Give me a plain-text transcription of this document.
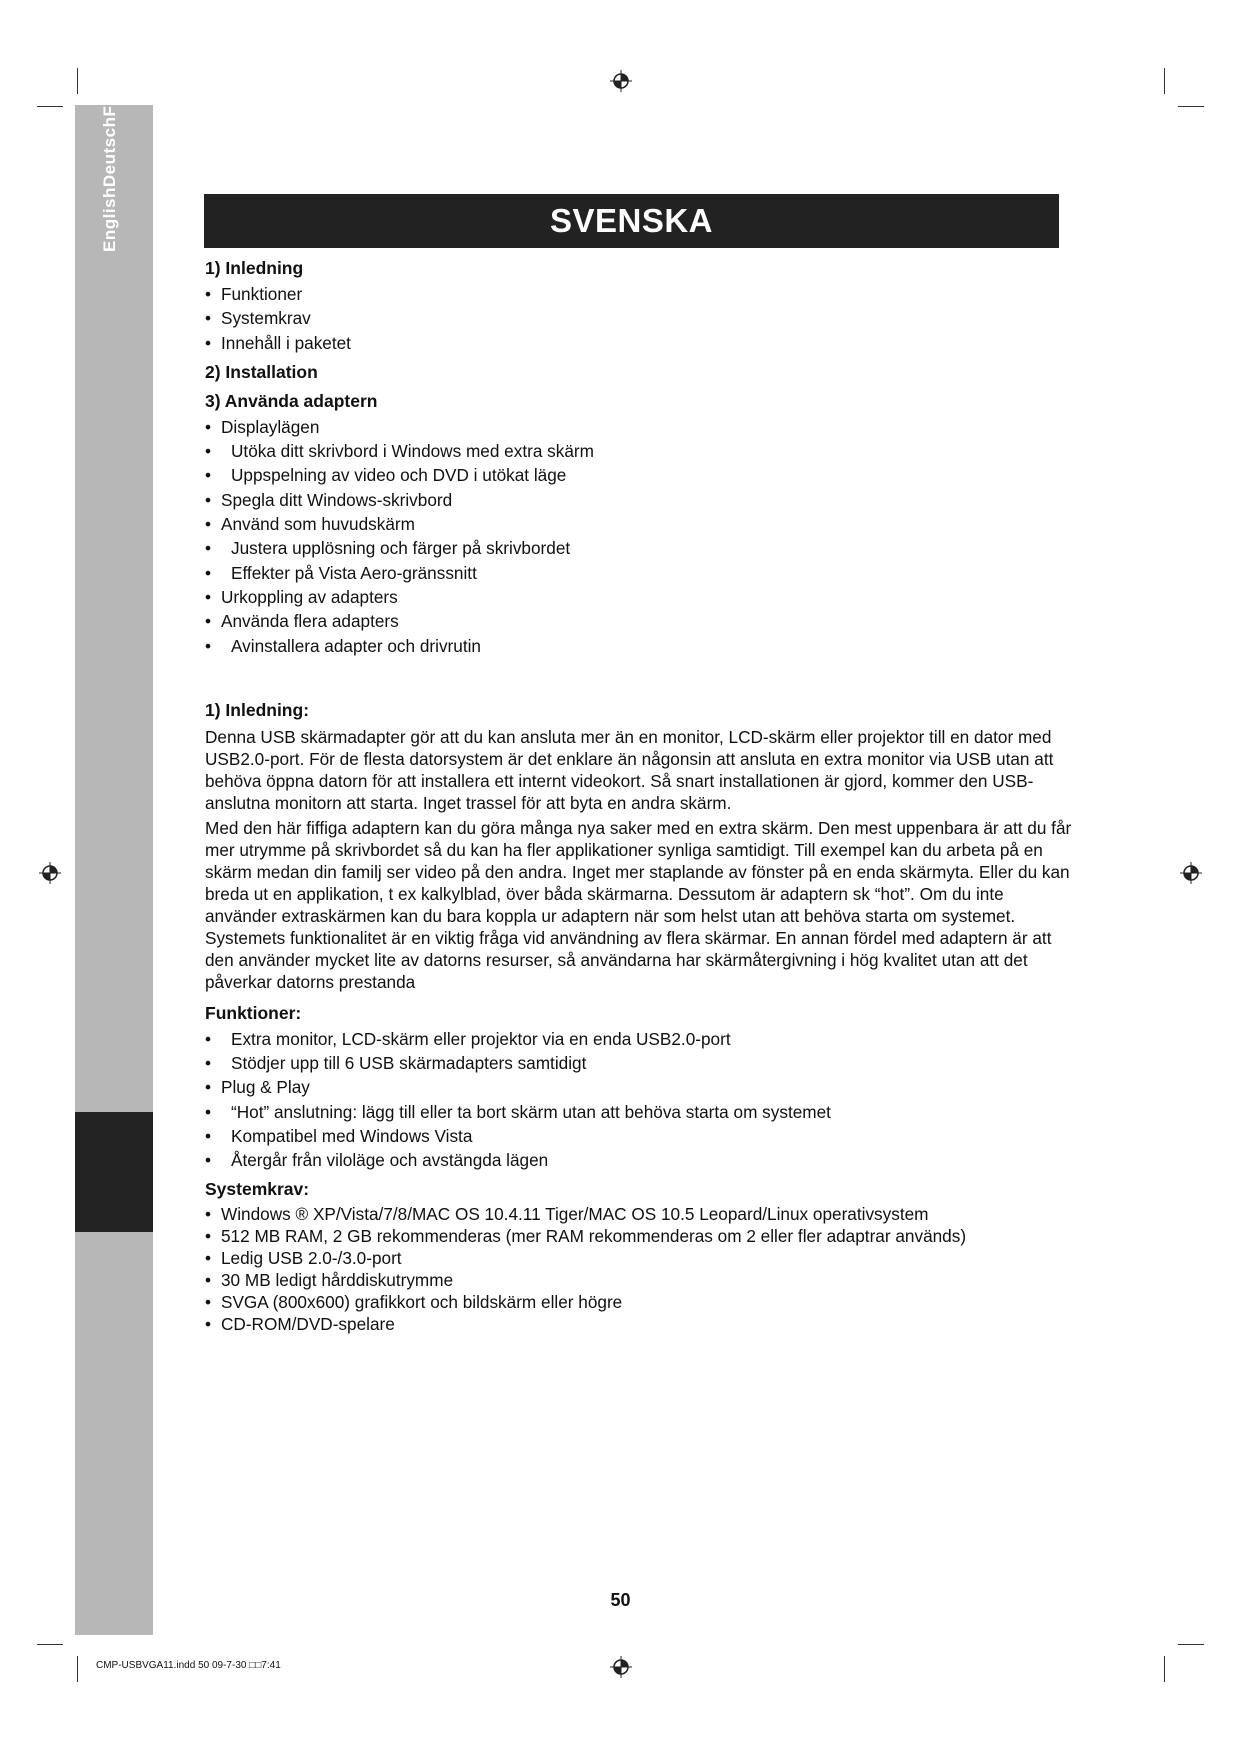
EnglishDeutschF	SVENSKA
1) Inledning
• Funktioner
• Systemkrav
• Innehåll i paketet
2) Installation
3) Använda adaptern
• Displaylägen
• Utöka ditt skrivbord i Windows med extra skärm
• Uppspelning av video och DVD i utökat läge
• Spegla ditt Windows-skrivbord
• Använd som huvudskärm
• Justera upplösning och färger på skrivbordet
• Effekter på Vista Aero-gränssnitt
• Urkoppling av adapters
• Använda flera adapters
• Avinstallera adapter och drivrutin
1) Inledning:

Denna USB skärmadapter gör att du kan ansluta mer än en monitor, LCD-skärm eller projektor till en dator med USB2.0-port. För de flesta datorsystem är det enklare än någonsin att ansluta en extra monitor via USB utan att behöva öppna datorn för att installera ett internt videokort. Så snart installationen är gjord, kommer den USB-anslutna monitorn att starta. Inget trassel för att byta en andra skärm.

Med den här fiffiga adaptern kan du göra många nya saker med en extra skärm. Den mest uppenbara är att du får mer utrymme på skrivbordet så du kan ha fler applikationer synliga samtidigt. Till exempel kan du arbeta på en skärm medan din familj ser video på den andra. Inget mer staplande av fönster på en enda skärmyta. Eller du kan breda ut en applikation, t ex kalkylblad, över båda skärmarna. Dessutom är adaptern sk “hot”. Om du inte använder extraskärmen kan du bara koppla ur adaptern när som helst utan att behöva starta om systemet.

Systemets funktionalitet är en viktig fråga vid användning av flera skärmar. En annan fördel med adaptern är att den använder mycket lite av datorns resurser, så användarna har skärmåtergivning i hög kvalitet utan att det påverkar datorns prestanda

Funktioner:
• Extra monitor, LCD-skärm eller projektor via en enda USB2.0-port
• Stödjer upp till 6 USB skärmadapters samtidigt
• Plug & Play
• “Hot” anslutning: lägg till eller ta bort skärm utan att behöva starta om systemet
• Kompatibel med Windows Vista
• Återgår från viloläge och avstängda lägen
Systemkrav:
• Windows ® XP/Vista/7/8/MAC OS 10.4.11 Tiger/MAC OS 10.5 Leopard/Linux operativsystem
• 512 MB RAM, 2 GB rekommenderas (mer RAM rekommenderas om 2 eller fler adaptrar används)
• Ledig USB 2.0-/3.0-port
• 30 MB ledigt hårddiskutrymme
• SVGA (800x600) grafikkort och bildskärm eller högre
• CD-ROM/DVD-spelare
50
CMP-USBVGA11.indd 50 09-7-30 □□7:41
